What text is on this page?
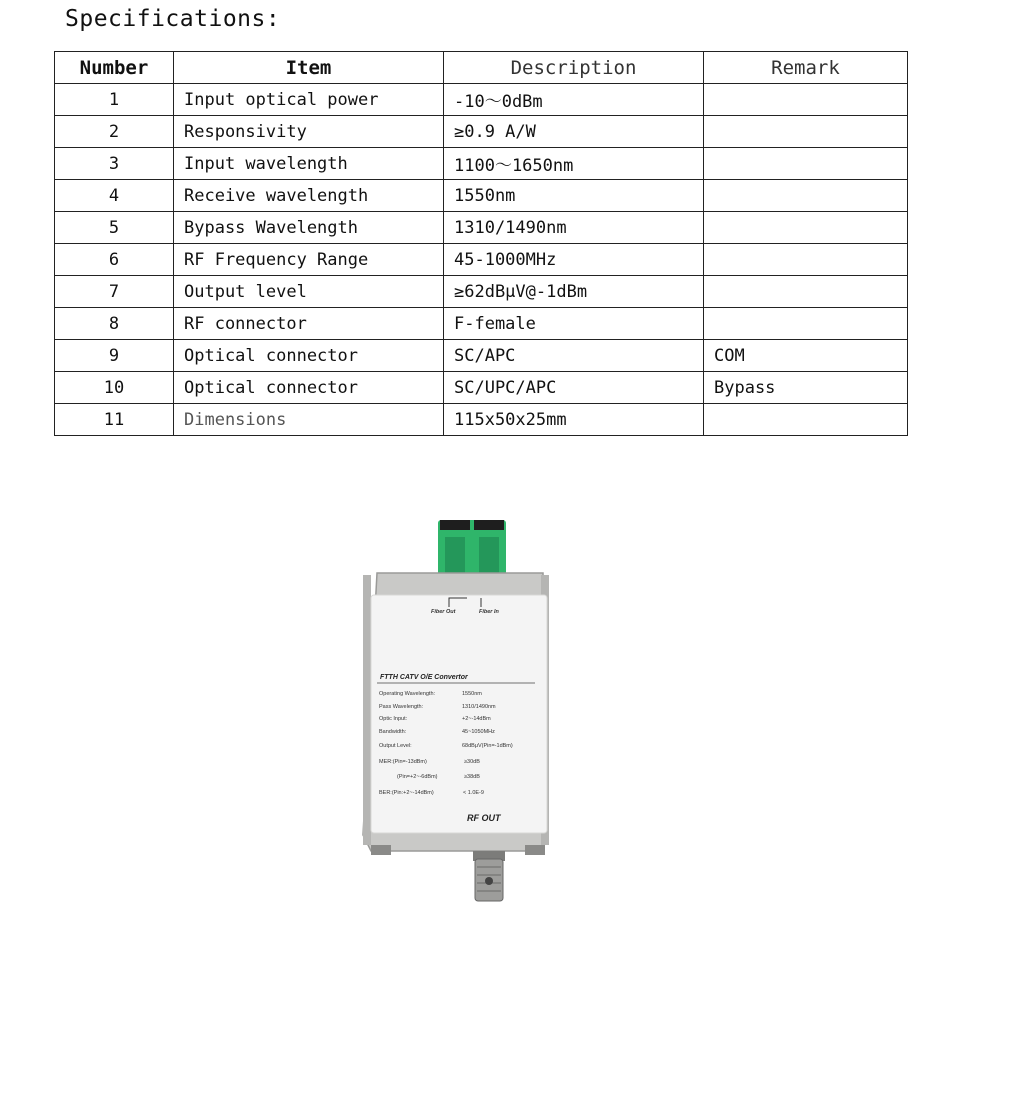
Specifications:
Number	Item	Description	Remark
1	Input optical power	-10～0dBm	
2	Responsivity	≥0.9 A/W	
3	Input wavelength	1100～1650nm	
4	Receive wavelength	1550nm	
5	Bypass Wavelength	1310/1490nm	
6	RF Frequency Range	45-1000MHz	
7	Output level	≥62dBμV@-1dBm	
8	RF connector	F-female	
9	Optical connector	SC/APC	COM
10	Optical connector	SC/UPC/APC	Bypass
11	Dimensions	115x50x25mm	
Fiber Out	Fiber In
FTTH CATV O/E Convertor
Operating Wavelength:	1550nm
Pass Wavelength:	1310/1490nm
Optic Input:	+2~-14dBm
Bandwidth:	45~1050MHz
Output Level:	68dBμV(Pin=-1dBm)
MER:(Pin=-13dBm)	≥30dB
(Pin=+2~-6dBm)	≥38dB
BER:(Pin:+2~-14dBm)	< 1.0E-9
RF OUT
